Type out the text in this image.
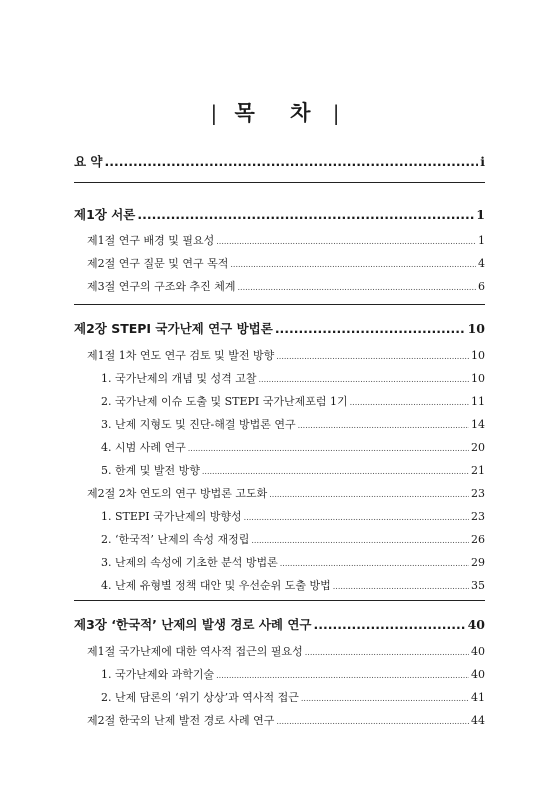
| 목 차 |
요 약 .....	i
제1장 서론 .....	1
제1절 연구 배경 및 필요성 .....	1
제2절 연구 질문 및 연구 목적 .....	4
제3절 연구의 구조와 추진 체계 .....	6
제2장 STEPI 국가난제 연구 방법론 .....	10
제1절 1차 연도 연구 검토 및 발전 방향 .....	10
1. 국가난제의 개념 및 성격 고찰 .....	10
2. 국가난제 이슈 도출 및 STEPI 국가난제포럼 1기 .....	11
3. 난제 지형도 및 진단-해결 방법론 연구 .....	14
4. 시범 사례 연구 .....	20
5. 한계 및 발전 방향 .....	21
제2절 2차 연도의 연구 방법론 고도화 .....	23
1. STEPI 국가난제의 방향성 .....	23
2. ‘한국적’ 난제의 속성 재정립 .....	26
3. 난제의 속성에 기초한 분석 방법론 .....	29
4. 난제 유형별 정책 대안 및 우선순위 도출 방법 .....	35
제3장 ‘한국적’ 난제의 발생 경로 사례 연구 .....	40
제1절 국가난제에 대한 역사적 접근의 필요성 .....	40
1. 국가난제와 과학기술 .....	40
2. 난제 담론의 ‘위기 상상’과 역사적 접근 .....	41
제2절 한국의 난제 발전 경로 사례 연구 .....	44
